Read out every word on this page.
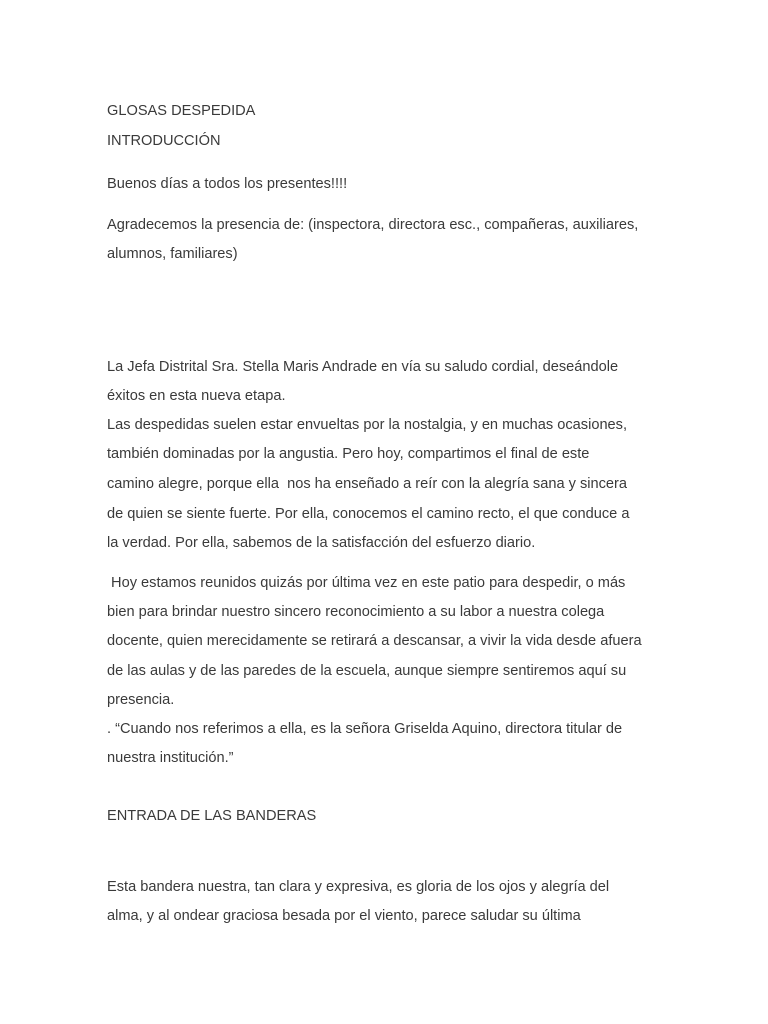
GLOSAS DESPEDIDA
INTRODUCCIÓN
Buenos días a todos los presentes!!!!
Agradecemos la presencia de: (inspectora, directora esc., compañeras, auxiliares,
alumnos, familiares)
La Jefa Distrital Sra. Stella Maris Andrade en vía su saludo cordial, deseándole
éxitos en esta nueva etapa.
Las despedidas suelen estar envueltas por la nostalgia, y en muchas ocasiones,
también dominadas por la angustia. Pero hoy, compartimos el final de este
camino alegre, porque ella  nos ha enseñado a reír con la alegría sana y sincera
de quien se siente fuerte. Por ella, conocemos el camino recto, el que conduce a
la verdad. Por ella, sabemos de la satisfacción del esfuerzo diario.
Hoy estamos reunidos quizás por última vez en este patio para despedir, o más
bien para brindar nuestro sincero reconocimiento a su labor a nuestra colega
docente, quien merecidamente se retirará a descansar, a vivir la vida desde afuera
de las aulas y de las paredes de la escuela, aunque siempre sentiremos aquí su
presencia.
. “Cuando nos referimos a ella, es la señora Griselda Aquino, directora titular de
nuestra institución.”
ENTRADA DE LAS BANDERAS
Esta bandera nuestra, tan clara y expresiva, es gloria de los ojos y alegría del
alma, y al ondear graciosa besada por el viento, parece saludar su última
